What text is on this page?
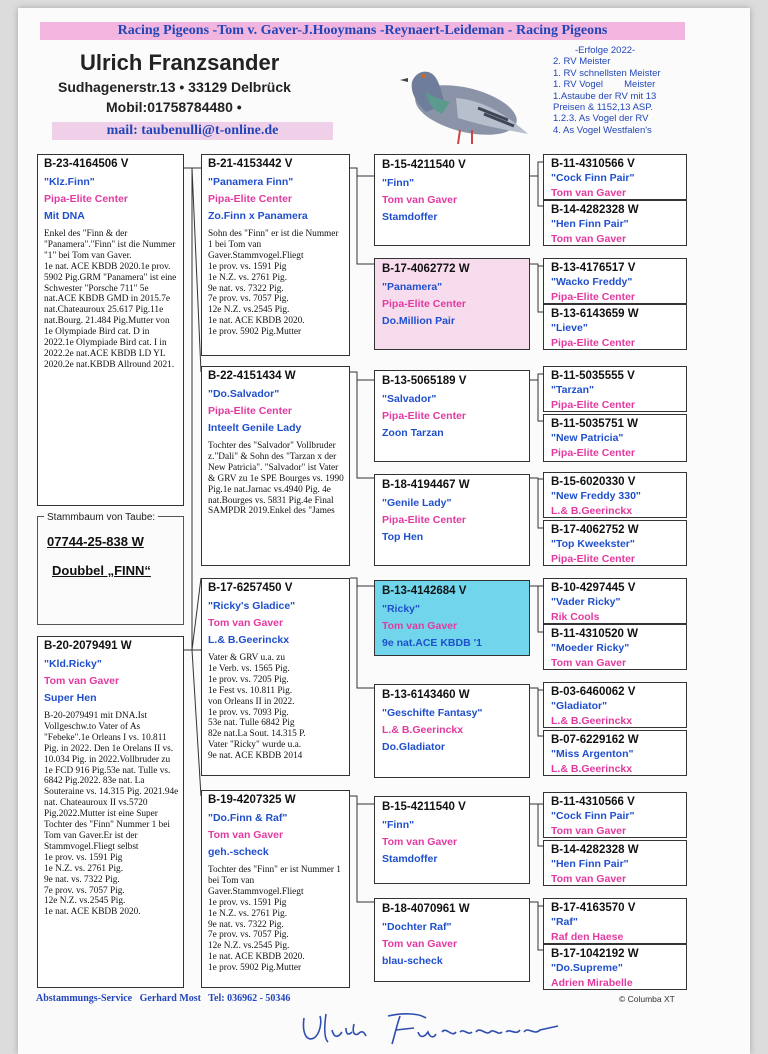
Racing Pigeons -Tom v. Gaver-J.Hooymans -Reynaert-Leideman - Racing Pigeons
Ulrich Franzsander
Sudhagenerstr.13 • 33129 Delbrück
Mobil:01758784480 •
mail: taubenulli@t-online.de
-Erfolge 2022-
2. RV Meister
1. RV schnellsten Meister
1. RV Vogel        Meister
1.Astaube der RV mit 13
Preisen & 1152,13 ASP.
1.2.3. As Vogel der RV
4. As Vogel Westfalen's
B-23-4164506 V
"Klz.Finn"
Pipa-Elite Center
Mit DNA
Enkel des "Finn & der "Panamera"."Finn" ist die Nummer "1" bei Tom van Gaver.
1e nat. ACE KBDB 2020.1e prov. 5902 Pig.GRM "Panamera" ist eine Schwester "Porsche 711" 5e nat.ACE KBDB GMD in 2015.7e nat.Chateauroux 25.617 Pig.11e nat.Bourg. 21.484 Pig.Mutter von 1e Olympiade Bird cat. D in 2022.1e Olympiade Bird cat. I in 2022.2e nat.ACE KBDB LD YL 2020.2e nat.KBDB Allround 2021.
Stammbaum von Taube:
07744-25-838 W
Doubbel „FINN“
B-20-2079491 W
"Kld.Ricky"
Tom van Gaver
Super Hen
B-20-2079491 mit DNA.Ist Vollgeschw.to Vater of As "Febeke".1e Orleans I vs. 10.811 Pig. in 2022. Den 1e Orelans II vs. 10.034 Pig. in 2022.Vollbruder zu 1e FCD 916 Pig.53e nat. Tulle vs. 6842 Pig.2022. 83e nat. La Souteraine vs. 14.315 Pig. 2021.94e nat. Chateauroux II vs.5720 Pig.2022.Mutter ist eine Super Tochter des "Finn" Nummer 1 bei Tom van Gaver.Er ist der Stammvogel.Fliegt selbst
1e prov. vs. 1591 Pig
1e N.Z. vs. 2761 Pig.
9e nat. vs. 7322 Pig.
7e prov. vs. 7057 Pig.
12e N.Z. vs.2545 Pig.
1e nat. ACE KBDB 2020.
B-21-4153442 V
"Panamera Finn"
Pipa-Elite Center
Zo.Finn x Panamera
Sohn des "Finn" er ist die Nummer 1 bei Tom van Gaver.Stammvogel.Fliegt
1e prov. vs. 1591 Pig
1e N.Z. vs. 2761 Pig.
9e nat. vs. 7322 Pig.
7e prov. vs. 7057 Pig.
12e N.Z. vs.2545 Pig.
1e nat. ACE KBDB 2020.
1e prov. 5902 Pig.Mutter
B-22-4151434 W
"Do.Salvador"
Pipa-Elite Center
Inteelt Genile Lady
Tochter des "Salvador" Vollbruder z."Dali" & Sohn des "Tarzan x der New Patricia". "Salvador" ist Vater & GRV zu 1e SPE Bourges vs. 1990 Pig.1e nat.Jarnac vs.4940 Pig. 4e nat.Bourges vs. 5831 Pig.4e Final SAMPDR 2019.Enkel des "James
B-17-6257450 V
"Ricky's Gladice"
Tom van Gaver
L.& B.Geerinckx
Vater & GRV u.a. zu
1e Verb. vs. 1565 Pig.
1e prov. vs. 7205 Pig.
1e Fest vs. 10.811 Pig.
von Orleans II in 2022.
1e prov. vs. 7093 Pig.
53e nat. Tulle 6842 Pig
82e nat.La Sout. 14.315 P.
Vater "Ricky" wurde u.a.
9e nat. ACE KBDB 2014
B-19-4207325 W
"Do.Finn & Raf"
Tom van Gaver
geh.-scheck
Tochter des "Finn" er ist Nummer 1 bei Tom van Gaver.Stammvogel.Fliegt
1e prov. vs. 1591 Pig
1e N.Z. vs. 2761 Pig.
9e nat. vs. 7322 Pig.
7e prov. vs. 7057 Pig.
12e N.Z. vs.2545 Pig.
1e nat. ACE KBDB 2020.
1e prov. 5902 Pig.Mutter
B-15-4211540 V
"Finn"
Tom van Gaver
Stamdoffer
B-17-4062772 W
"Panamera"
Pipa-Elite Center
Do.Million Pair
B-13-5065189 V
"Salvador"
Pipa-Elite Center
Zoon Tarzan
B-18-4194467 W
"Genile Lady"
Pipa-Elite Center
Top Hen
B-13-4142684 V
"Ricky"
Tom van Gaver
9e nat.ACE KBDB '1
B-13-6143460 W
"Geschifte Fantasy"
L.& B.Geerinckx
Do.Gladiator
B-15-4211540 V
"Finn"
Tom van Gaver
Stamdoffer
B-18-4070961 W
"Dochter Raf"
Tom van Gaver
blau-scheck
B-11-4310566 V
"Cock Finn Pair"
Tom van Gaver
B-14-4282328 W
"Hen Finn Pair"
Tom van Gaver
B-13-4176517 V
"Wacko Freddy"
Pipa-Elite Center
B-13-6143659 W
"Lieve"
Pipa-Elite Center
B-11-5035555 V
"Tarzan"
Pipa-Elite Center
B-11-5035751 W
"New Patricia"
Pipa-Elite Center
B-15-6020330 V
"New Freddy 330"
L.& B.Geerinckx
B-17-4062752 W
"Top Kweekster"
Pipa-Elite Center
B-10-4297445 V
"Vader Ricky"
Rik Cools
B-11-4310520 W
"Moeder Ricky"
Tom van Gaver
B-03-6460062 V
"Gladiator"
L.& B.Geerinckx
B-07-6229162 W
"Miss Argenton"
L.& B.Geerinckx
B-11-4310566 V
"Cock Finn Pair"
Tom van Gaver
B-14-4282328 W
"Hen Finn Pair"
Tom van Gaver
B-17-4163570 V
"Raf"
Raf den Haese
B-17-1042192 W
"Do.Supreme"
Adrien Mirabelle
Abstammungs-Service   Gerhard Most   Tel: 036962 - 50346	© Columba XT
